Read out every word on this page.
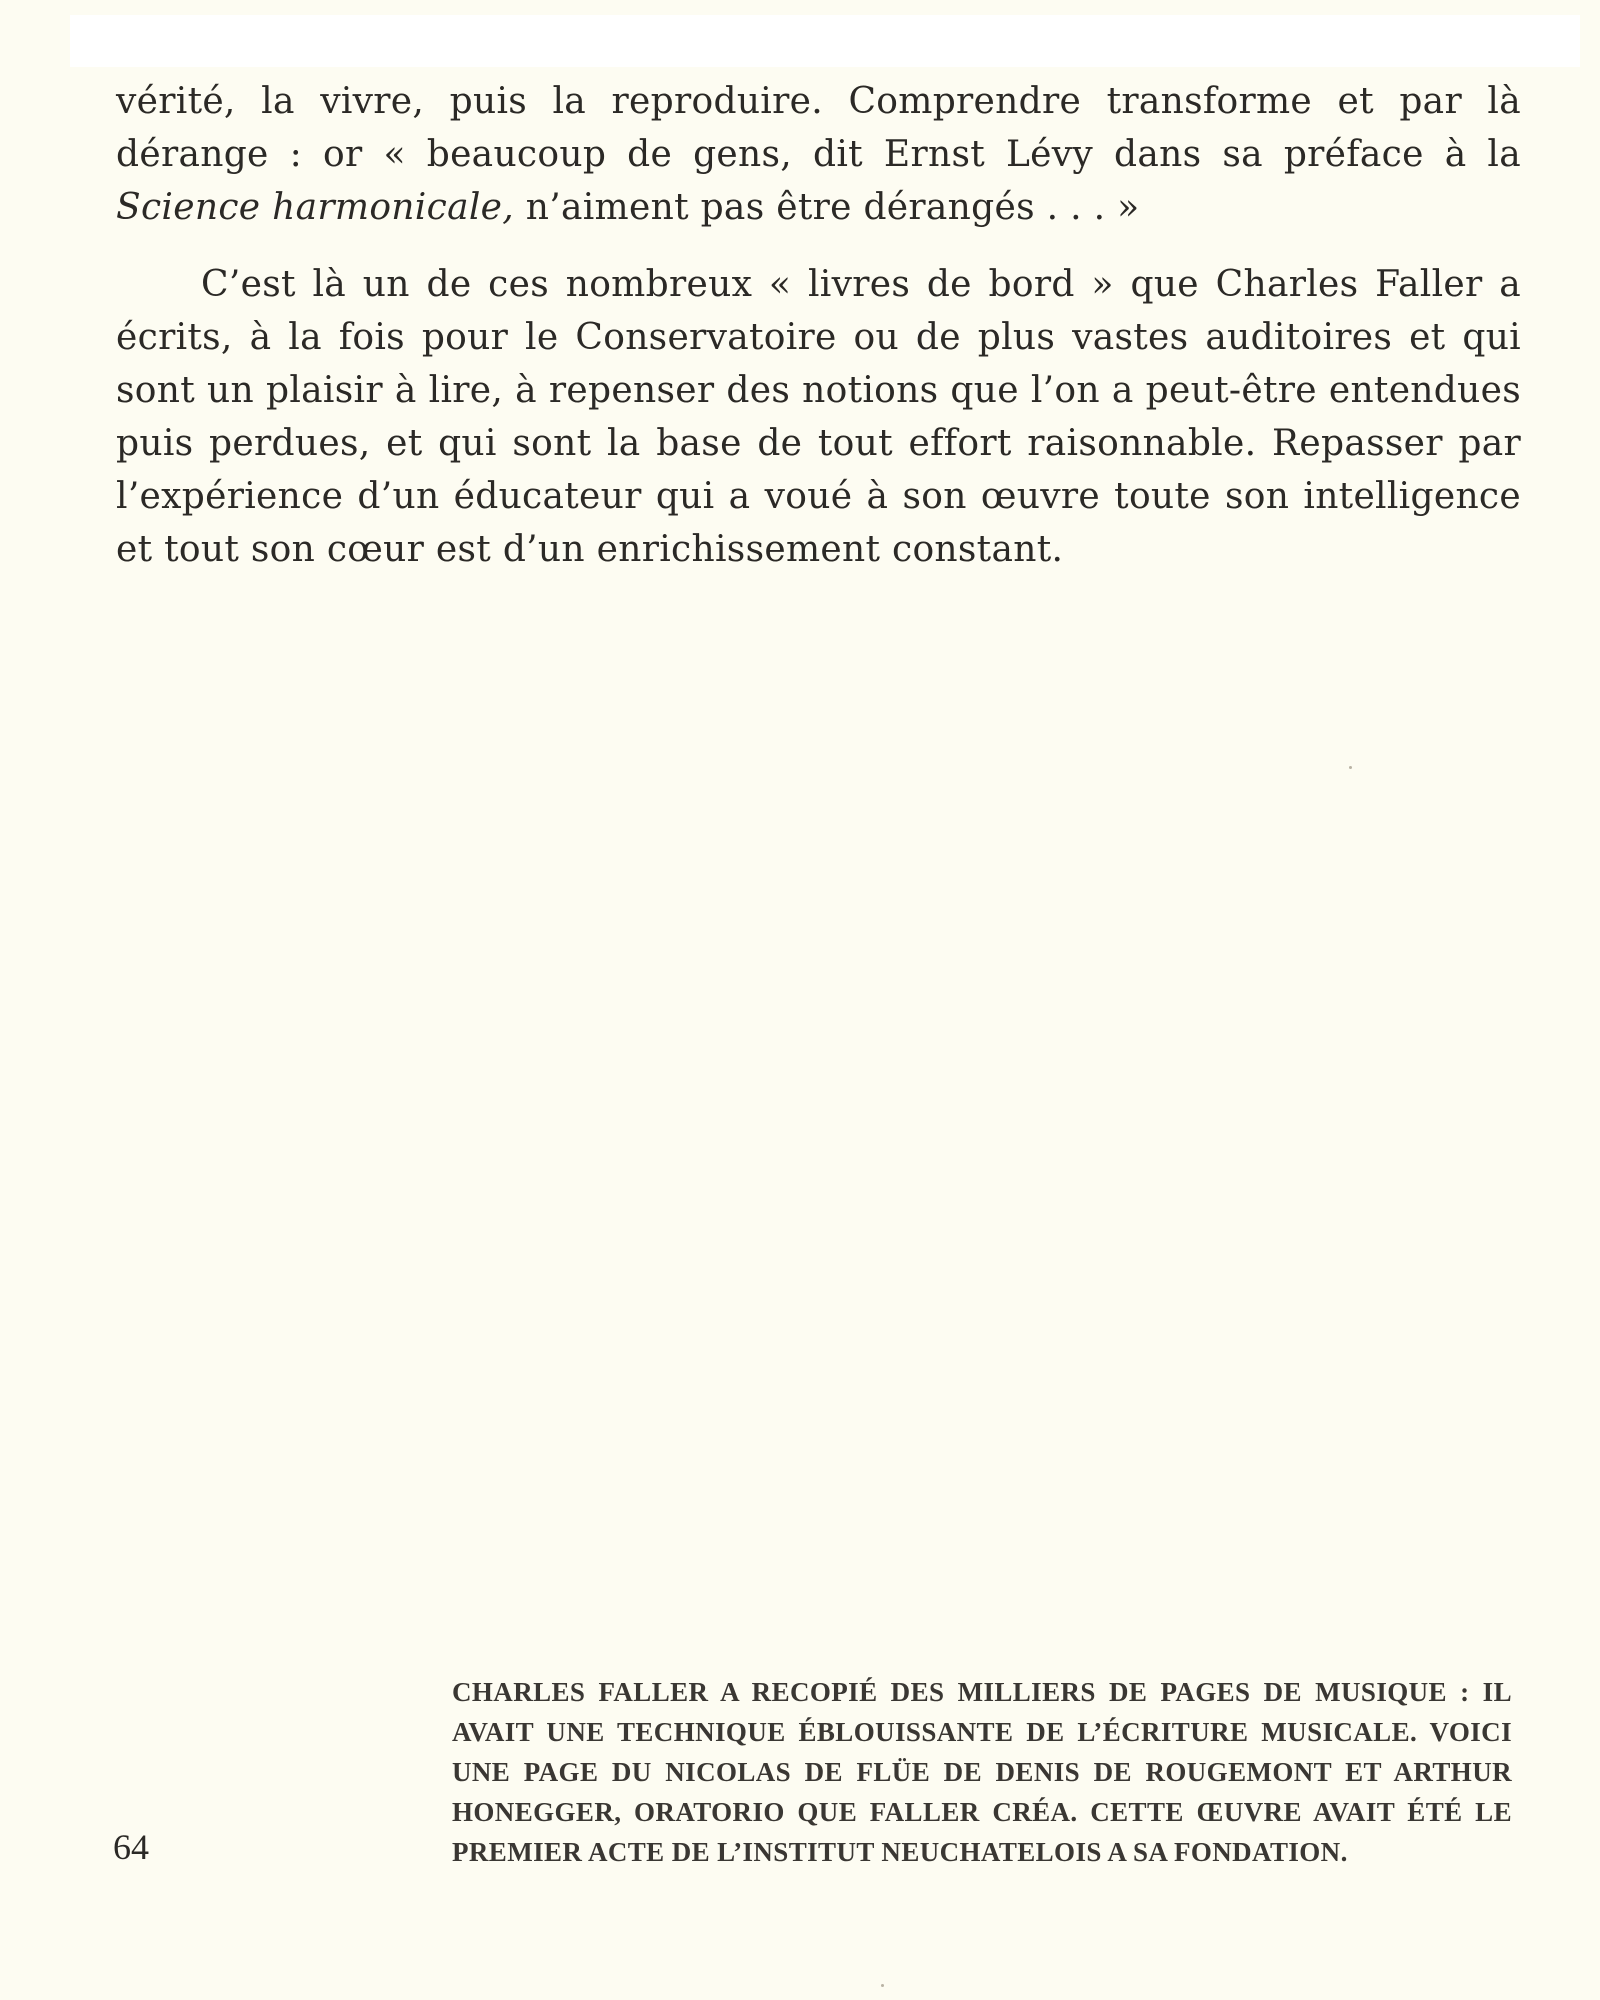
vérité, la vivre, puis la reproduire. Comprendre transforme et par là dérange : or « beaucoup de gens, dit Ernst Lévy dans sa préface à la Science harmonicale, n’aiment pas être dérangés . . . »

C’est là un de ces nombreux « livres de bord » que Charles Faller a écrits, à la fois pour le Conservatoire ou de plus vastes auditoires et qui sont un plaisir à lire, à repenser des notions que l’on a peut-être entendues puis perdues, et qui sont la base de tout effort raisonnable. Repasser par l’expérience d’un éducateur qui a voué à son œuvre toute son intelligence et tout son cœur est d’un enrichissement constant.

64

CHARLES FALLER A RECOPIÉ DES MILLIERS DE PAGES DE MUSIQUE : IL AVAIT UNE TECHNIQUE ÉBLOUISSANTE DE L’ÉCRITURE MUSICALE. VOICI UNE PAGE DU NICOLAS DE FLÜE DE DENIS DE ROUGEMONT ET ARTHUR HONEGGER, ORATORIO QUE FALLER CRÉA. CETTE ŒUVRE AVAIT ÉTÉ LE PREMIER ACTE DE L’INSTITUT NEUCHATELOIS A SA FONDATION.
